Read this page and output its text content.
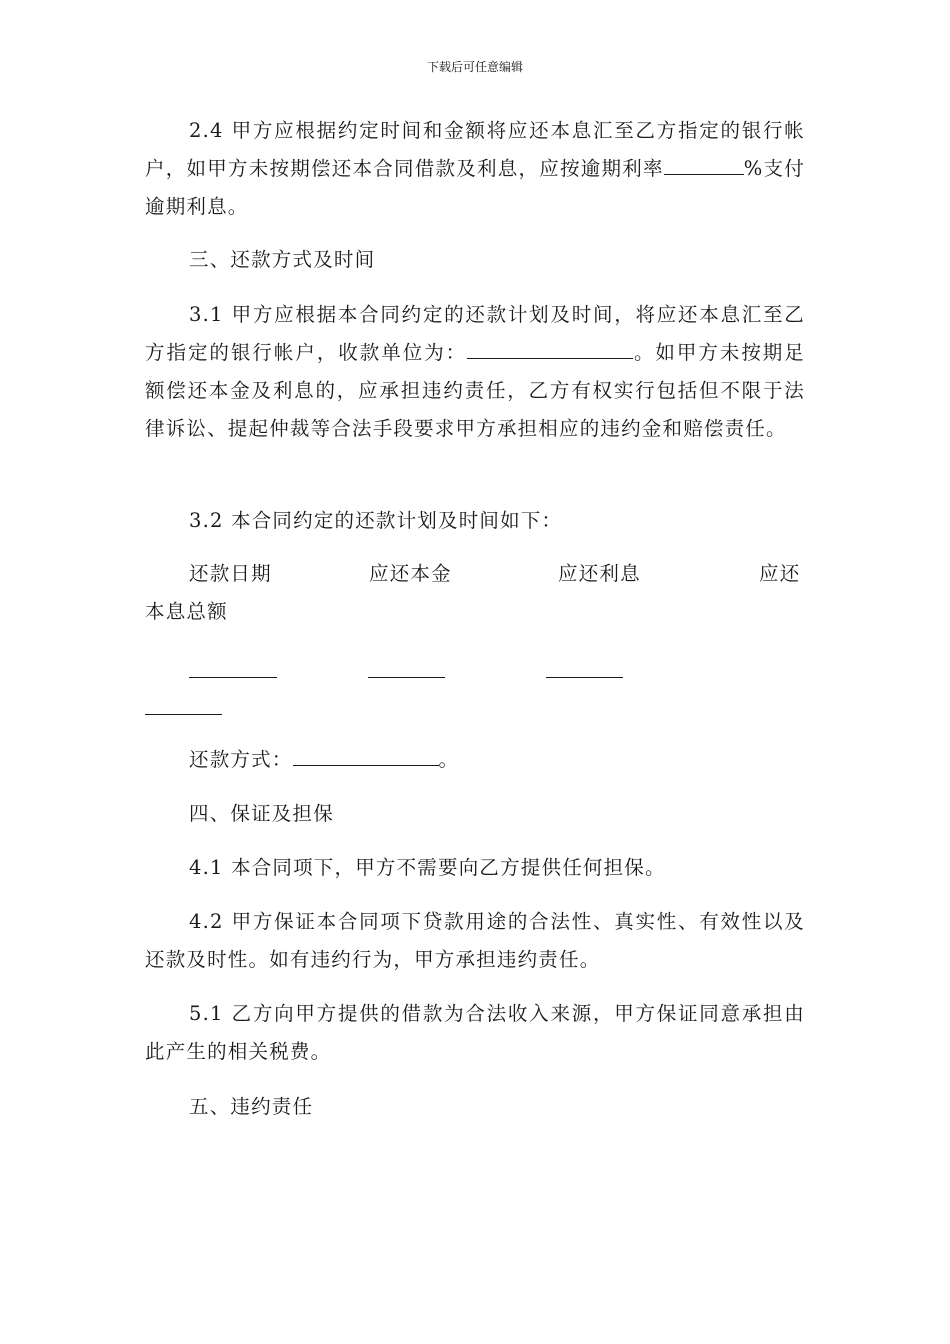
下载后可任意编辑

2.4 甲方应根据约定时间和金额将应还本息汇至乙方指定的银行帐户，如甲方未按期偿还本合同借款及利息，应按逾期利率	%支付逾期利息。

三、还款方式及时间

3.1 甲方应根据本合同约定的还款计划及时间，将应还本息汇至乙方指定的银行帐户，收款单位为：	。如甲方未按期足额偿还本金及利息的，应承担违约责任，乙方有权实行包括但不限于法律诉讼、提起仲裁等合法手段要求甲方承担相应的违约金和赔偿责任。

3.2 本合同约定的还款计划及时间如下：

还款日期	应还本金	应还利息	应还
本息总额

还款方式：	。

四、保证及担保

4.1 本合同项下，甲方不需要向乙方提供任何担保。

4.2 甲方保证本合同项下贷款用途的合法性、真实性、有效性以及还款及时性。如有违约行为，甲方承担违约责任。

5.1 乙方向甲方提供的借款为合法收入来源，甲方保证同意承担由此产生的相关税费。

五、违约责任
